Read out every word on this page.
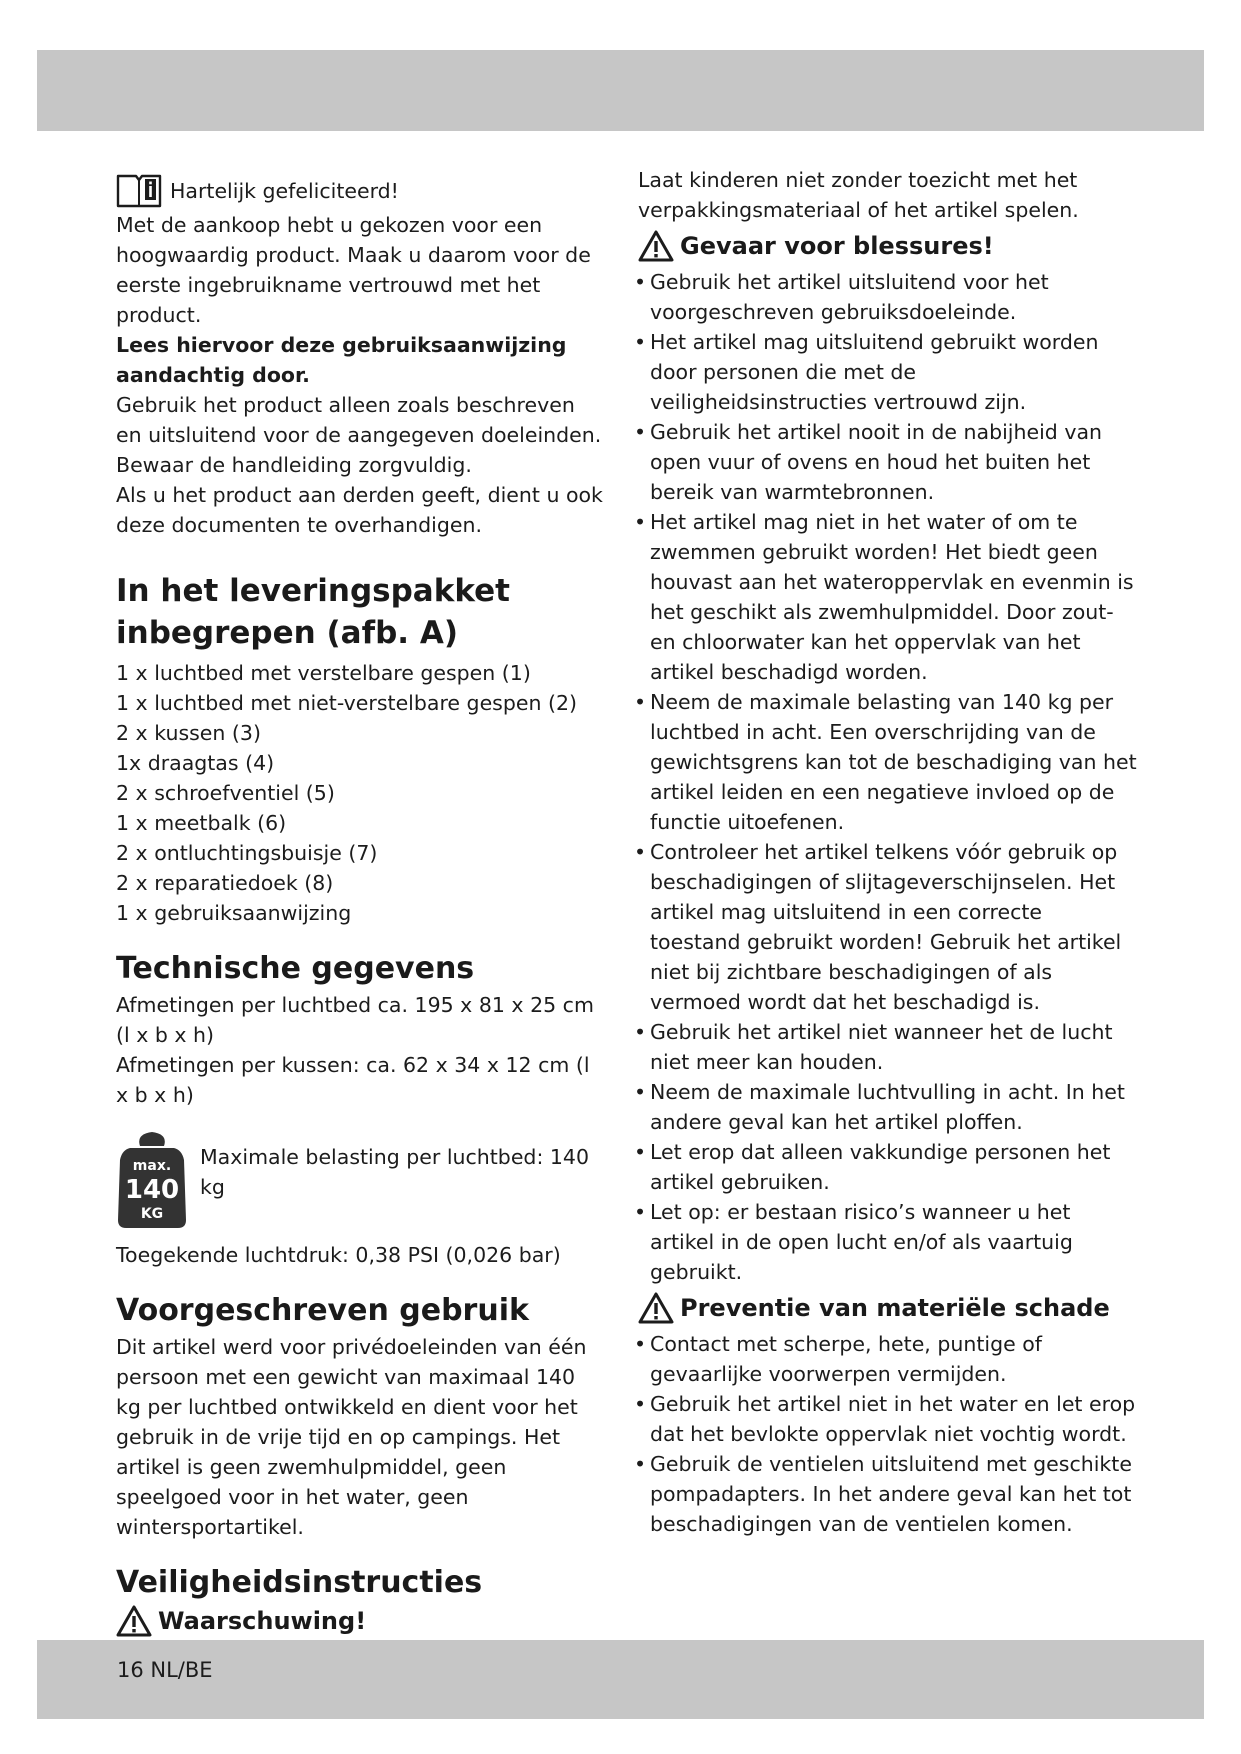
Hartelijk gefeliciteerd!

Met de aankoop hebt u gekozen voor een hoogwaardig product. Maak u daarom voor de eerste ingebruikname vertrouwd met het product.

Lees hiervoor deze gebruiksaanwijzing aandachtig door.

Gebruik het product alleen zoals beschreven en uitsluitend voor de aangegeven doeleinden.

Bewaar de handleiding zorgvuldig.

Als u het product aan derden geeft, dient u ook deze documenten te overhandigen.

In het leveringspakket inbegrepen (afb. A)
1 x luchtbed met verstelbare gespen (1)
1 x luchtbed met niet-verstelbare gespen (2)
2 x kussen (3)
1x draagtas (4)
2 x schroefventiel (5)
1 x meetbalk (6)
2 x ontluchtingsbuisje (7)
2 x reparatiedoek (8)
1 x gebruiksaanwijzing
Technische gegevens

Afmetingen per luchtbed ca. 195 x 81 x 25 cm (l x b x h)

Afmetingen per kussen: ca. 62 x 34 x 12 cm (l x b x h)

max.
140
KG

Maximale belasting per luchtbed: 140 kg

Toegekende luchtdruk: 0,38 PSI (0,026 bar)

Voorgeschreven gebruik

Dit artikel werd voor privédoeleinden van één persoon met een gewicht van maximaal 140 kg per luchtbed ontwikkeld en dient voor het gebruik in de vrije tijd en op campings. Het artikel is geen zwemhulpmiddel, geen speelgoed voor in het water, geen wintersportartikel.

Veiligheidsinstructies
Waarschuwing!

Laat kinderen niet zonder toezicht met het verpakkingsmateriaal of het artikel spelen.

Gevaar voor blessures!
• Gebruik het artikel uitsluitend voor het voorgeschreven gebruiksdoeleinde.
• Het artikel mag uitsluitend gebruikt worden door personen die met de veiligheidsinstructies vertrouwd zijn.
• Gebruik het artikel nooit in de nabijheid van open vuur of ovens en houd het buiten het bereik van warmtebronnen.
• Het artikel mag niet in het water of om te zwemmen gebruikt worden! Het biedt geen houvast aan het wateroppervlak en evenmin is het geschikt als zwemhulpmiddel. Door zout- en chloorwater kan het oppervlak van het artikel beschadigd worden.
• Neem de maximale belasting van 140 kg per luchtbed in acht. Een overschrijding van de gewichtsgrens kan tot de beschadiging van het artikel leiden en een negatieve invloed op de functie uitoefenen.
• Controleer het artikel telkens vóór gebruik op beschadigingen of slijtageverschijnselen. Het artikel mag uitsluitend in een correcte toestand gebruikt worden! Gebruik het artikel niet bij zichtbare beschadigingen of als vermoed wordt dat het beschadigd is.
• Gebruik het artikel niet wanneer het de lucht niet meer kan houden.
• Neem de maximale luchtvulling in acht. In het andere geval kan het artikel ploffen.
• Let erop dat alleen vakkundige personen het artikel gebruiken.
• Let op: er bestaan risico’s wanneer u het artikel in de open lucht en/of als vaartuig gebruikt.
Preventie van materiële schade
• Contact met scherpe, hete, puntige of gevaarlijke voorwerpen vermijden.
• Gebruik het artikel niet in het water en let erop dat het bevlokte oppervlak niet vochtig wordt.
• Gebruik de ventielen uitsluitend met geschikte pompadapters. In het andere geval kan het tot beschadigingen van de ventielen komen.
16 NL/BE
